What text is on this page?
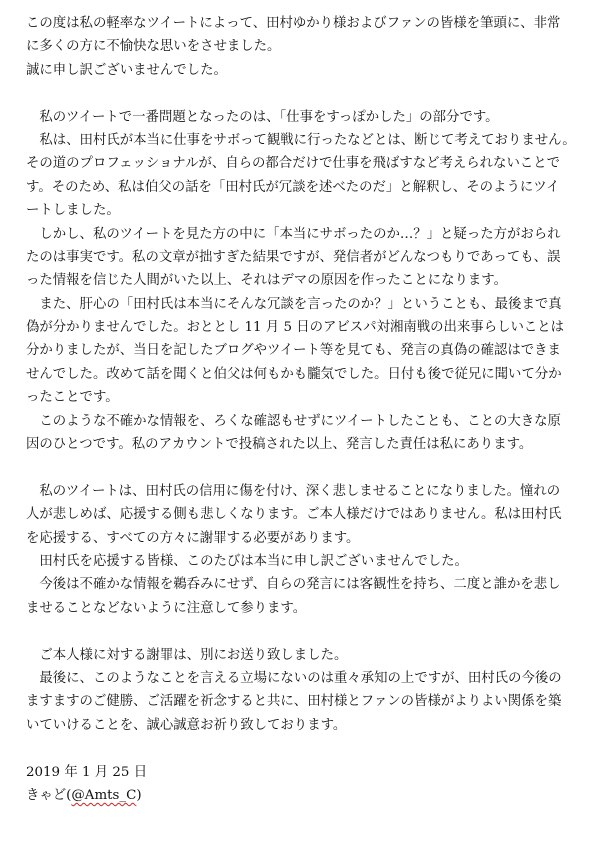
この度は私の軽率なツイートによって、田村ゆかり様およびファンの皆様を筆頭に、非常
に多くの方に不愉快な思いをさせました。
誠に申し訳ございませんでした。
　私のツイートで一番問題となったのは、「仕事をすっぽかした」の部分です。
　私は、田村氏が本当に仕事をサボって観戦に行ったなどとは、断じて考えておりません。
その道のプロフェッショナルが、自らの都合だけで仕事を飛ばすなど考えられないことで
す。そのため、私は伯父の話を「田村氏が冗談を述べたのだ」と解釈し、そのようにツイ
ートしました。
　しかし、私のツイートを見た方の中に「本当にサボったのか…？」と疑った方がおられ
たのは事実です。私の文章が拙すぎた結果ですが、発信者がどんなつもりであっても、誤
った情報を信じた人間がいた以上、それはデマの原因を作ったことになります。
　また、肝心の「田村氏は本当にそんな冗談を言ったのか？」ということも、最後まで真
偽が分かりませんでした。おととし 11 月 5 日のアビスパ対湘南戦の出来事らしいことは
分かりましたが、当日を記したブログやツイート等を見ても、発言の真偽の確認はできま
せんでした。改めて話を聞くと伯父は何もかも朧気でした。日付も後で従兄に聞いて分か
ったことです。
　このような不確かな情報を、ろくな確認もせずにツイートしたことも、ことの大きな原
因のひとつです。私のアカウントで投稿された以上、発言した責任は私にあります。
　私のツイートは、田村氏の信用に傷を付け、深く悲しませることになりました。憧れの
人が悲しめば、応援する側も悲しくなります。ご本人様だけではありません。私は田村氏
を応援する、すべての方々に謝罪する必要があります。
　田村氏を応援する皆様、このたびは本当に申し訳ございませんでした。
　今後は不確かな情報を鵜呑みにせず、自らの発言には客観性を持ち、二度と誰かを悲し
ませることなどないように注意して参ります。
　ご本人様に対する謝罪は、別にお送り致しました。
　最後に、このようなことを言える立場にないのは重々承知の上ですが、田村氏の今後の
ますますのご健勝、ご活躍を祈念すると共に、田村様とファンの皆様がよりよい関係を築
いていけることを、誠心誠意お祈り致しております。
2019 年 1 月 25 日
きゃど(@Amts_C)
